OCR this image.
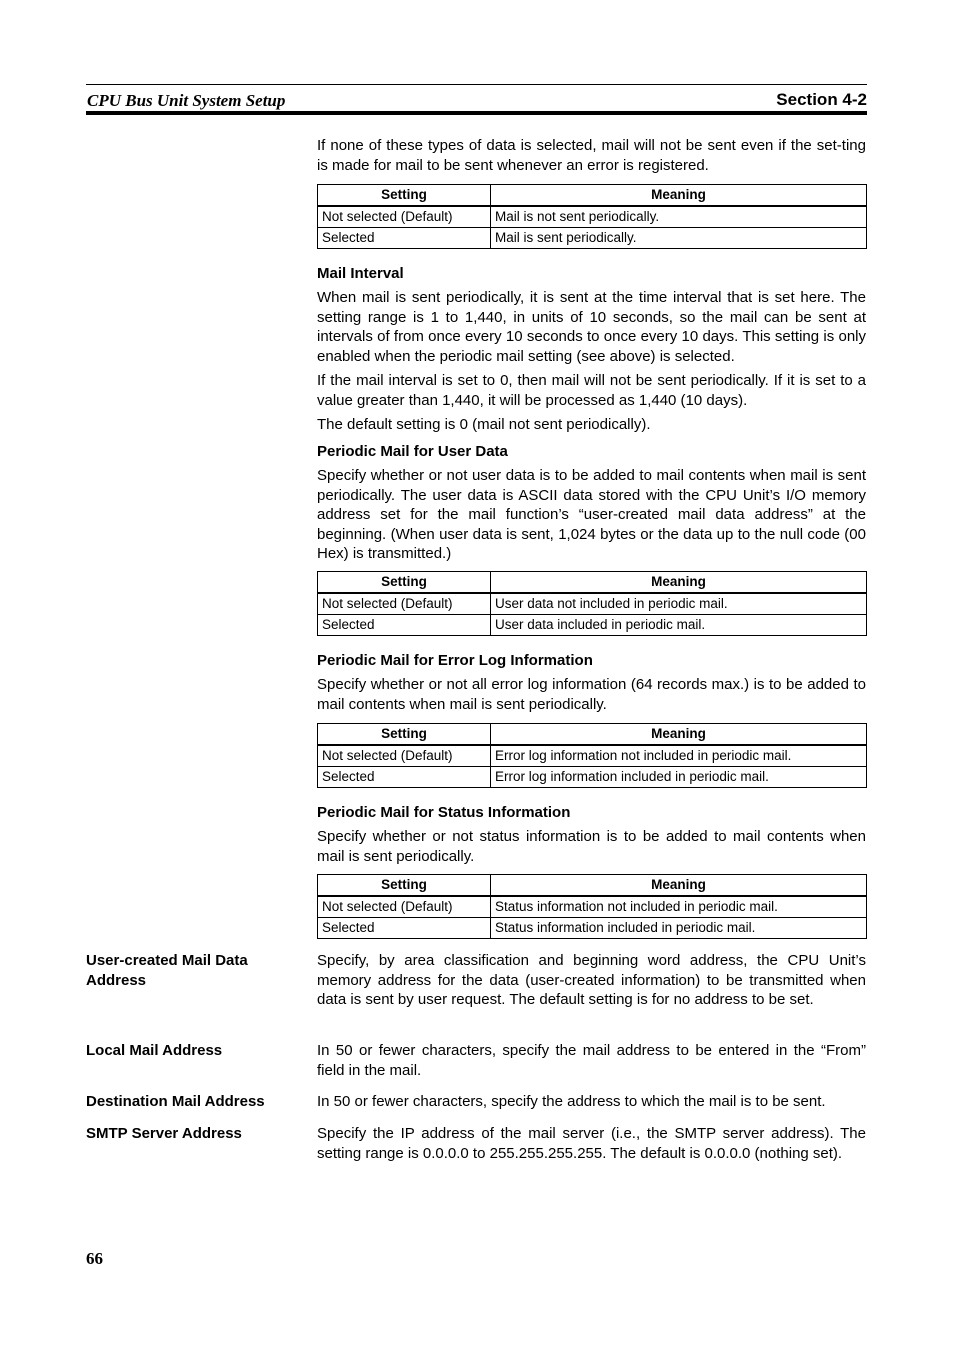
CPU Bus Unit System Setup	Section 4-2

If none of these types of data is selected, mail will not be sent even if the set-ting is made for mail to be sent whenever an error is registered.

Setting	Meaning
Not selected (Default)	Mail is not sent periodically.
Selected	Mail is sent periodically.
Mail Interval

When mail is sent periodically, it is sent at the time interval that is set here. The setting range is 1 to 1,440, in units of 10 seconds, so the mail can be sent at intervals of from once every 10 seconds to once every 10 days. This setting is only enabled when the periodic mail setting (see above) is selected.

If the mail interval is set to 0, then mail will not be sent periodically. If it is set to a value greater than 1,440, it will be processed as 1,440 (10 days).

The default setting is 0 (mail not sent periodically).

Periodic Mail for User Data

Specify whether or not user data is to be added to mail contents when mail is sent periodically. The user data is ASCII data stored with the CPU Unit’s I/O memory address set for the mail function’s “user-created mail data address” at the beginning. (When user data is sent, 1,024 bytes or the data up to the null code (00 Hex) is transmitted.)

Setting	Meaning
Not selected (Default)	User data not included in periodic mail.
Selected	User data included in periodic mail.
Periodic Mail for Error Log Information

Specify whether or not all error log information (64 records max.) is to be added to mail contents when mail is sent periodically.

Setting	Meaning
Not selected (Default)	Error log information not included in periodic mail.
Selected	Error log information included in periodic mail.
Periodic Mail for Status Information

Specify whether or not status information is to be added to mail contents when mail is sent periodically.

Setting	Meaning
Not selected (Default)	Status information not included in periodic mail.
Selected	Status information included in periodic mail.
User-created Mail Data Address

Specify, by area classification and beginning word address, the CPU Unit’s memory address for the data (user-created information) to be transmitted when data is sent by user request. The default setting is for no address to be set.

Local Mail Address	In 50 or fewer characters, specify the mail address to be entered in the “From” field in the mail.

Destination Mail Address	In 50 or fewer characters, specify the address to which the mail is to be sent.

SMTP Server Address	Specify the IP address of the mail server (i.e., the SMTP server address). The setting range is 0.0.0.0 to 255.255.255.255. The default is 0.0.0.0 (nothing set).

66
